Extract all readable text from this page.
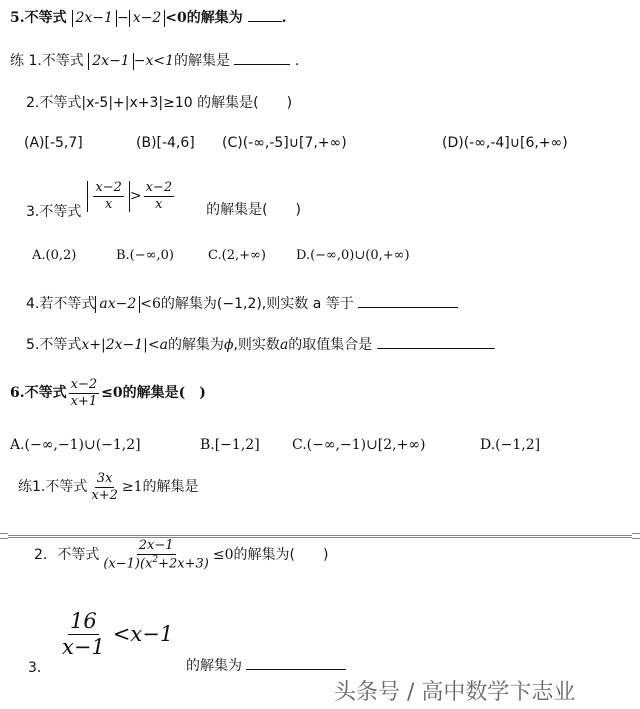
5.不等式 2x−1 − x−2 <0的解集为	.
练 1.不等式 2x−1 −x<1的解集是	.
2.不等式|x-5|+|x+3|≥10 的解集是(　　)
(A)[-5,7]	(B)[-4,6] (C)(-∞,-5]∪[7,+∞)	(D)(-∞,-4]∪[6,+∞)
3.不等式 $\frac{x-2}{x} > \frac{x-2}{x}$ 的解集是(　　)
A.(0,2)	B.(−∞,0)	C.(2,+∞) D.(−∞,0)∪(0,+∞)
4.若不等式 ax−2 <6的解集为(−1,2),则实数 a 等于
5.不等式x+|2x−1|<a的解集为ϕ,则实数a的取值集合是
6.不等式 $\frac{x-2}{x+1} \le 0$ 的解集是(　)
A.(−∞,−1)∪(−1,2]	B.[−1,2] C.(−∞,−1)∪[2,+∞)	D.(−1,2]
练1.不等式 $\frac{3x}{x+2} \ge 1$ 的解集是
2. 不等式 $\frac{2x-1}{(x-1)(x^2+2x+3)} \le 0$ 的解集为(　　)
3.
$\frac{16}{x-1} <x-1$
的解集为
头条号 / 高中数学卞志业
